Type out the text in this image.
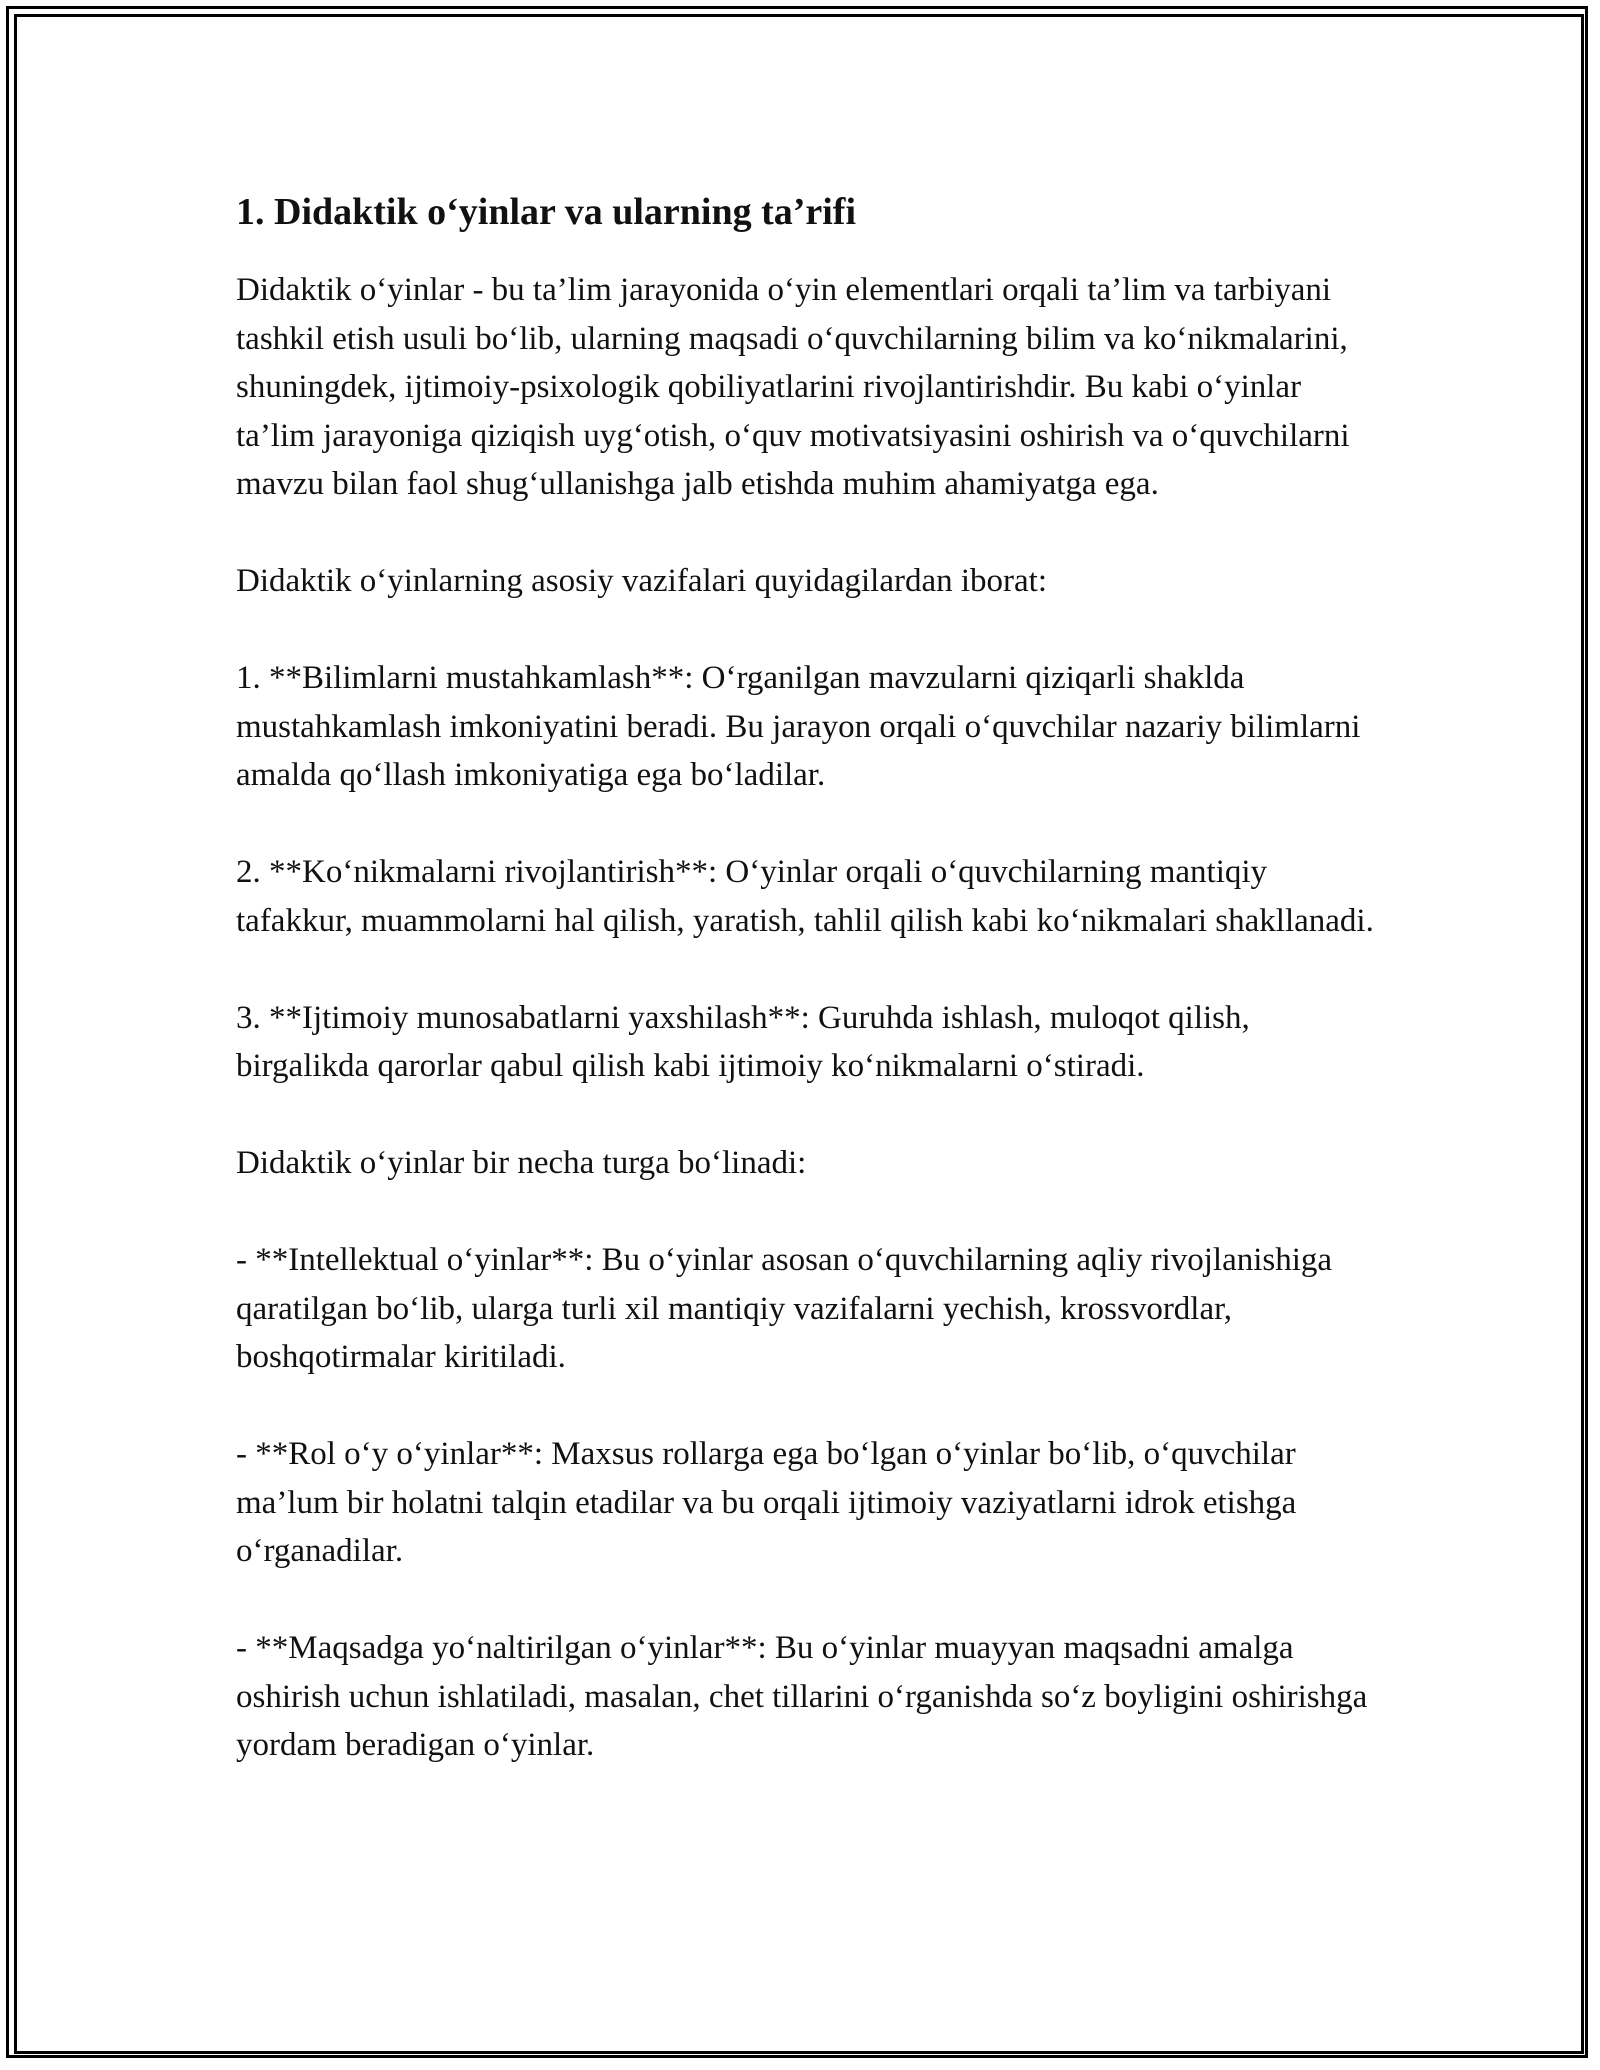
1. Didaktik o‘yinlar va ularning ta’rifi

Didaktik o‘yinlar - bu ta’lim jarayonida o‘yin elementlari orqali ta’lim va tarbiyani tashkil etish usuli bo‘lib, ularning maqsadi o‘quvchilarning bilim va ko‘nikmalarini, shuningdek, ijtimoiy-psixologik qobiliyatlarini rivojlantirishdir. Bu kabi o‘yinlar ta’lim jarayoniga qiziqish uyg‘otish, o‘quv motivatsiyasini oshirish va o‘quvchilarni mavzu bilan faol shug‘ullanishga jalb etishda muhim ahamiyatga ega.

Didaktik o‘yinlarning asosiy vazifalari quyidagilardan iborat:

1. **Bilimlarni mustahkamlash**: O‘rganilgan mavzularni qiziqarli shaklda mustahkamlash imkoniyatini beradi. Bu jarayon orqali o‘quvchilar nazariy bilimlarni amalda qo‘llash imkoniyatiga ega bo‘ladilar.

2. **Ko‘nikmalarni rivojlantirish**: O‘yinlar orqali o‘quvchilarning mantiqiy tafakkur, muammolarni hal qilish, yaratish, tahlil qilish kabi ko‘nikmalari shakllanadi.

3. **Ijtimoiy munosabatlarni yaxshilash**: Guruhda ishlash, muloqot qilish, birgalikda qarorlar qabul qilish kabi ijtimoiy ko‘nikmalarni o‘stiradi.

Didaktik o‘yinlar bir necha turga bo‘linadi:

- **Intellektual o‘yinlar**: Bu o‘yinlar asosan o‘quvchilarning aqliy rivojlanishiga qaratilgan bo‘lib, ularga turli xil mantiqiy vazifalarni yechish, krossvordlar, boshqotirmalar kiritiladi.

- **Rol o‘y o‘yinlar**: Maxsus rollarga ega bo‘lgan o‘yinlar bo‘lib, o‘quvchilar ma’lum bir holatni talqin etadilar va bu orqali ijtimoiy vaziyatlarni idrok etishga o‘rganadilar.

- **Maqsadga yo‘naltirilgan o‘yinlar**: Bu o‘yinlar muayyan maqsadni amalga oshirish uchun ishlatiladi, masalan, chet tillarini o‘rganishda so‘z boyligini oshirishga yordam beradigan o‘yinlar.
